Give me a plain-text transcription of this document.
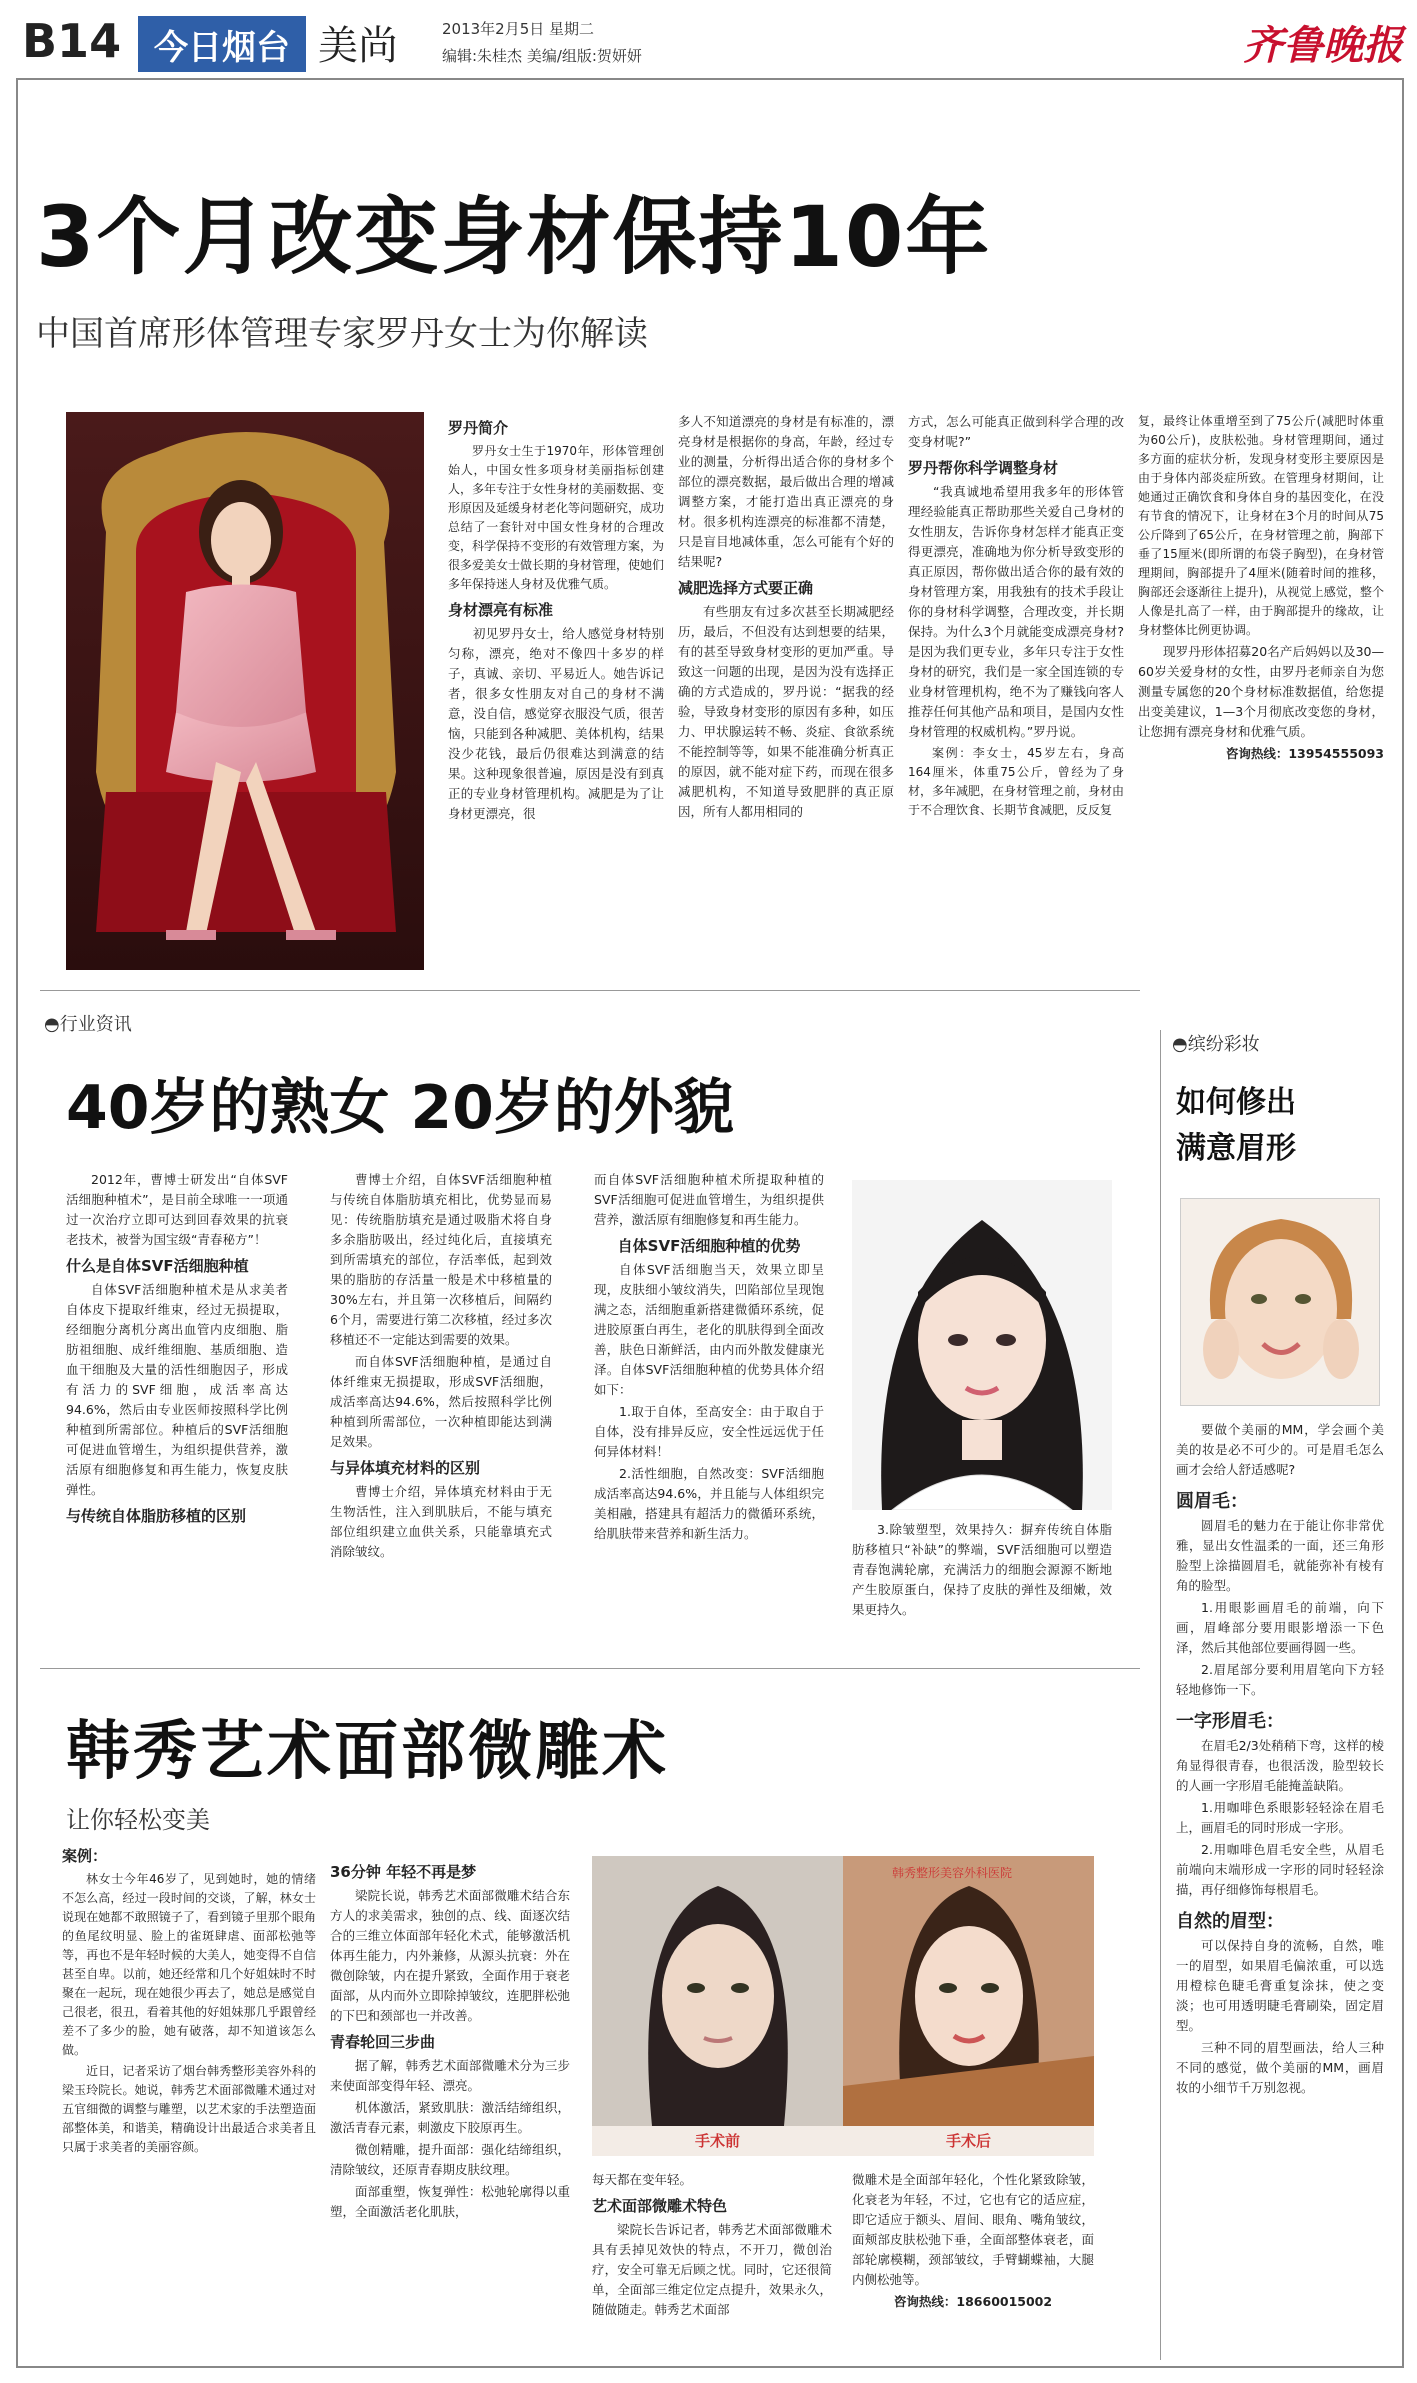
B14 今日烟台 美尚	2013年2月5日 星期二
编辑:朱桂杰 美编/组版:贺妍妍	齐鲁晚报
3个月改变身材保持10年
中国首席形体管理专家罗丹女士为你解读
罗丹简介

罗丹女士生于1970年，形体管理创始人，中国女性多项身材美丽指标创建人，多年专注于女性身材的美丽数据、变形原因及延缓身材老化等问题研究，成功总结了一套针对中国女性身材的合理改变，科学保持不变形的有效管理方案，为很多爱美女士做长期的身材管理，使她们多年保持迷人身材及优雅气质。

身材漂亮有标准

初见罗丹女士，给人感觉身材特别匀称，漂亮，绝对不像四十多岁的样子，真诚、亲切、平易近人。她告诉记者，很多女性朋友对自己的身材不满意，没自信，感觉穿衣服没气质，很苦恼，只能到各种减肥、美体机构，结果没少花钱，最后仍很难达到满意的结果。这种现象很普遍，原因是没有到真正的专业身材管理机构。减肥是为了让身材更漂亮，很

多人不知道漂亮的身材是有标准的，漂亮身材是根据你的身高，年龄，经过专业的测量，分析得出适合你的身材多个部位的漂亮数据，最后做出合理的增减调整方案，才能打造出真正漂亮的身材。很多机构连漂亮的标准都不清楚，只是盲目地减体重，怎么可能有个好的结果呢?

减肥选择方式要正确

有些朋友有过多次甚至长期减肥经历，最后，不但没有达到想要的结果，有的甚至导致身材变形的更加严重。导致这一问题的出现，是因为没有选择正确的方式造成的，罗丹说：“据我的经验，导致身材变形的原因有多种，如压力、甲状腺运转不畅、炎症、食欲系统不能控制等等，如果不能准确分析真正的原因，就不能对症下药，而现在很多减肥机构，不知道导致肥胖的真正原因，所有人都用相同的

方式，怎么可能真正做到科学合理的改变身材呢?”

罗丹帮你科学调整身材

“我真诚地希望用我多年的形体管理经验能真正帮助那些关爱自己身材的女性朋友，告诉你身材怎样才能真正变得更漂亮，准确地为你分析导致变形的真正原因，帮你做出适合你的最有效的身材管理方案，用我独有的技术手段让你的身材科学调整，合理改变，并长期保持。为什么3个月就能变成漂亮身材?是因为我们更专业，多年只专注于女性身材的研究，我们是一家全国连锁的专业身材管理机构，绝不为了赚钱向客人推荐任何其他产品和项目，是国内女性身材管理的权威机构。”罗丹说。

案例：李女士，45岁左右，身高164厘米，体重75公斤，曾经为了身材，多年减肥，在身材管理之前，身材由于不合理饮食、长期节食减肥，反反复

复，最终让体重增至到了75公斤(减肥时体重为60公斤)，皮肤松弛。身材管理期间，通过多方面的症状分析，发现身材变形主要原因是由于身体内部炎症所致。在管理身材期间，让她通过正确饮食和身体自身的基因变化，在没有节食的情况下，让身材在3个月的时间从75公斤降到了65公斤，在身材管理之前，胸部下垂了15厘米(即所谓的布袋子胸型)，在身材管理期间，胸部提升了4厘米(随着时间的推移，胸部还会逐渐往上提升)，从视觉上感觉，整个人像是扎高了一样，由于胸部提升的缘故，让身材整体比例更协调。

现罗丹形体招募20名产后妈妈以及30—60岁关爱身材的女性，由罗丹老师亲自为您测量专属您的20个身材标准数据值，给您提出变美建议，1—3个月彻底改变您的身材，让您拥有漂亮身材和优雅气质。

咨询热线：13954555093

◓行业资讯
40岁的熟女 20岁的外貌

2012年，曹博士研发出“自体SVF活细胞种植术”，是目前全球唯一一项通过一次治疗立即可达到回春效果的抗衰老技术，被誉为国宝级“青春秘方”！

什么是自体SVF活细胞种植

自体SVF活细胞种植术是从求美者自体皮下提取纤维束，经过无损提取，经细胞分离机分离出血管内皮细胞、脂肪祖细胞、成纤维细胞、基质细胞、造血干细胞及大量的活性细胞因子，形成有活力的SVF细胞，成活率高达94.6%，然后由专业医师按照科学比例种植到所需部位。种植后的SVF活细胞可促进血管增生，为组织提供营养，激活原有细胞修复和再生能力，恢复皮肤弹性。

与传统自体脂肪移植的区别

曹博士介绍，自体SVF活细胞种植与传统自体脂肪填充相比，优势显而易见：传统脂肪填充是通过吸脂术将自身多余脂肪吸出，经过纯化后，直接填充到所需填充的部位，存活率低，起到效果的脂肪的存活量一般是术中移植量的30%左右，并且第一次移植后，间隔约6个月，需要进行第二次移植，经过多次移植还不一定能达到需要的效果。

而自体SVF活细胞种植，是通过自体纤维束无损提取，形成SVF活细胞，成活率高达94.6%，然后按照科学比例种植到所需部位，一次种植即能达到满足效果。

与异体填充材料的区别

曹博士介绍，异体填充材料由于无生物活性，注入到肌肤后，不能与填充部位组织建立血供关系，只能靠填充式消除皱纹。

而自体SVF活细胞种植术所提取种植的SVF活细胞可促进血管增生，为组织提供营养，激活原有细胞修复和再生能力。

自体SVF活细胞种植的优势

自体SVF活细胞当天，效果立即呈现，皮肤细小皱纹消失，凹陷部位呈现饱满之态，活细胞重新搭建微循环系统，促进胶原蛋白再生，老化的肌肤得到全面改善，肤色日渐鲜活，由内而外散发健康光泽。自体SVF活细胞种植的优势具体介绍如下：

1.取于自体，至高安全：由于取自于自体，没有排异反应，安全性远远优于任何异体材料！

2.活性细胞，自然改变：SVF活细胞成活率高达94.6%，并且能与人体组织完美相融，搭建具有超活力的微循环系统，给肌肤带来营养和新生活力。	3.除皱塑型，效果持久：摒弃传统自体脂肪移植只“补缺”的弊端，SVF活细胞可以塑造青春饱满轮廓，充满活力的细胞会源源不断地产生胶原蛋白，保持了皮肤的弹性及细嫩，效果更持久。

韩秀艺术面部微雕术
让你轻松变美
案例：

林女士今年46岁了，见到她时，她的情绪不怎么高，经过一段时间的交谈，了解，林女士说现在她都不敢照镜子了，看到镜子里那个眼角的鱼尾纹明显、脸上的雀斑肆虐、面部松弛等等，再也不是年轻时候的大美人，她变得不自信甚至自卑。以前，她还经常和几个好姐妹时不时聚在一起玩，现在她很少再去了，她总是感觉自己很老，很丑，看着其他的好姐妹那几乎跟曾经差不了多少的脸，她有破落，却不知道该怎么做。

近日，记者采访了烟台韩秀整形美容外科的梁玉玲院长。她说，韩秀艺术面部微雕术通过对五官细微的调整与雕塑，以艺术家的手法塑造面部整体美，和谐美，精确设计出最适合求美者且只属于求美者的美丽容颜。

36分钟 年轻不再是梦

梁院长说，韩秀艺术面部微雕术结合东方人的求美需求，独创的点、线、面逐次结合的三维立体面部年轻化术式，能够激活机体再生能力，内外兼修，从源头抗衰：外在微创除皱，内在提升紧致，全面作用于衰老面部，从内而外立即除掉皱纹，连肥胖松弛的下巴和颈部也一并改善。

青春轮回三步曲

据了解，韩秀艺术面部微雕术分为三步来使面部变得年轻、漂亮。

机体激活，紧致肌肤：激活结缔组织，激活青春元素，刺激皮下胶原再生。

微创精雕，提升面部：强化结缔组织，清除皱纹，还原青春期皮肤纹理。

面部重塑，恢复弹性：松弛轮廓得以重塑，全面激活老化肌肤，

韩秀整形美容外科医院
手术前	手术后

每天都在变年轻。

艺术面部微雕术特色

梁院长告诉记者，韩秀艺术面部微雕术具有丢掉见效快的特点，不开刀，微创治疗，安全可靠无后顾之忧。同时，它还很简单，全面部三维定位定点提升，效果永久，随做随走。韩秀艺术面部

微雕术是全面部年轻化，个性化紧致除皱，化衰老为年轻，不过，它也有它的适应症，即它适应于额头、眉间、眼角、嘴角皱纹，面颊部皮肤松弛下垂，全面部整体衰老，面部轮廓模糊，颈部皱纹，手臂蝴蝶袖，大腿内侧松弛等。

咨询热线：18660015002

◓缤纷彩妆
如何修出
满意眉形

要做个美丽的MM，学会画个美美的妆是必不可少的。可是眉毛怎么画才会给人舒适感呢?

圆眉毛：

圆眉毛的魅力在于能让你非常优雅，显出女性温柔的一面，还三角形脸型上涂描圆眉毛，就能弥补有棱有角的脸型。

1.用眼影画眉毛的前端，向下画，眉峰部分要用眼影增添一下色泽，然后其他部位要画得圆一些。

2.眉尾部分要利用眉笔向下方轻轻地修饰一下。

一字形眉毛：

在眉毛2/3处稍稍下弯，这样的棱角显得很青春，也很活泼，脸型较长的人画一字形眉毛能掩盖缺陷。

1.用咖啡色系眼影轻轻涂在眉毛上，画眉毛的同时形成一字形。

2.用咖啡色眉毛安全些，从眉毛前端向末端形成一字形的同时轻轻涂描，再仔细修饰每根眉毛。

自然的眉型：

可以保持自身的流畅，自然，唯一的眉型，如果眉毛偏浓重，可以选用橙棕色睫毛膏重复涂抹，使之变淡；也可用透明睫毛膏刷染，固定眉型。

三种不同的眉型画法，给人三种不同的感觉，做个美丽的MM，画眉妆的小细节千万别忽视。
